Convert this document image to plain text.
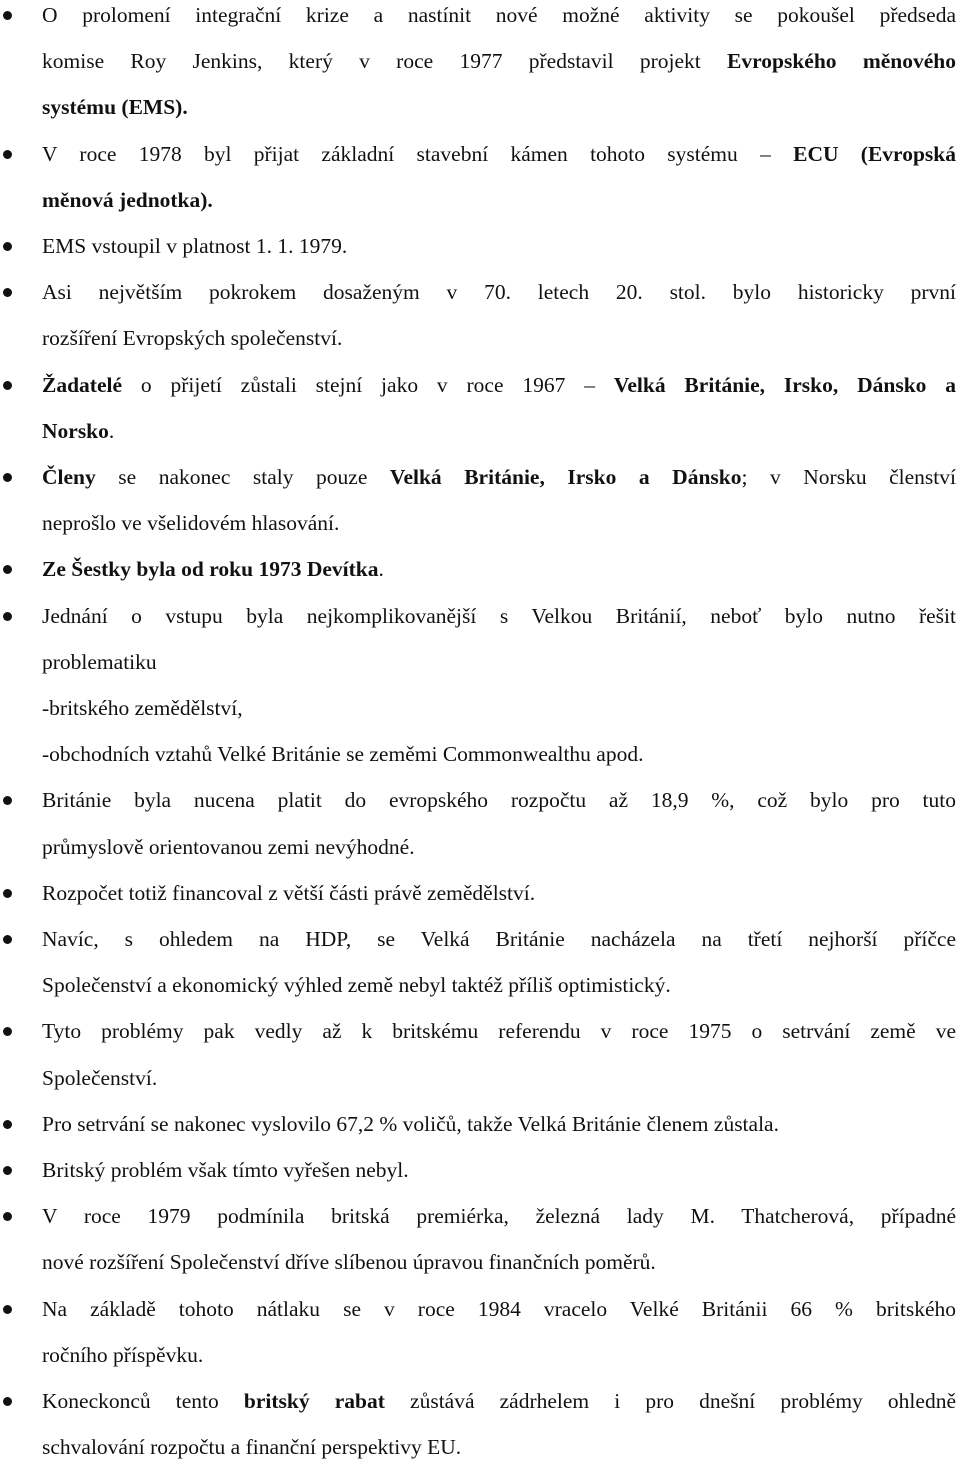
O prolomení integrační krize a nastínit nové možné aktivity se pokoušel předseda
komise Roy Jenkins, který v roce 1977 představil projekt Evropského měnového
systému (EMS).
V roce 1978 byl přijat základní stavební kámen tohoto systému – ECU (Evropská
měnová jednotka).
EMS vstoupil v platnost 1. 1. 1979.
Asi největším pokrokem dosaženým v 70. letech 20. stol. bylo historicky první
rozšíření Evropských společenství.
Žadatelé o přijetí zůstali stejní jako v roce 1967 – Velká Británie, Irsko, Dánsko a
Norsko.
Členy se nakonec staly pouze Velká Británie, Irsko a Dánsko; v Norsku členství
neprošlo ve všelidovém hlasování.
Ze Šestky byla od roku 1973 Devítka.
Jednání o vstupu byla nejkomplikovanější s Velkou Británií, neboť bylo nutno řešit
problematiku
-britského zemědělství,
-obchodních vztahů Velké Británie se zeměmi Commonwealthu apod.
Británie byla nucena platit do evropského rozpočtu až 18,9 %, což bylo pro tuto
průmyslově orientovanou zemi nevýhodné.
Rozpočet totiž financoval z větší části právě zemědělství.
Navíc, s ohledem na HDP, se Velká Británie nacházela na třetí nejhorší příčce
Společenství a ekonomický výhled země nebyl taktéž příliš optimistický.
Tyto problémy pak vedly až k britskému referendu v roce 1975 o setrvání země ve
Společenství.
Pro setrvání se nakonec vyslovilo 67,2 % voličů, takže Velká Británie členem zůstala.
Britský problém však tímto vyřešen nebyl.
V roce 1979 podmínila britská premiérka, železná lady M. Thatcherová, případné
nové rozšíření Společenství dříve slíbenou úpravou finančních poměrů.
Na základě tohoto nátlaku se v roce 1984 vracelo Velké Británii 66 % britského
ročního příspěvku.
Koneckonců tento britský rabat zůstává zádrhelem i pro dnešní problémy ohledně
schvalování rozpočtu a finanční perspektivy EU.
